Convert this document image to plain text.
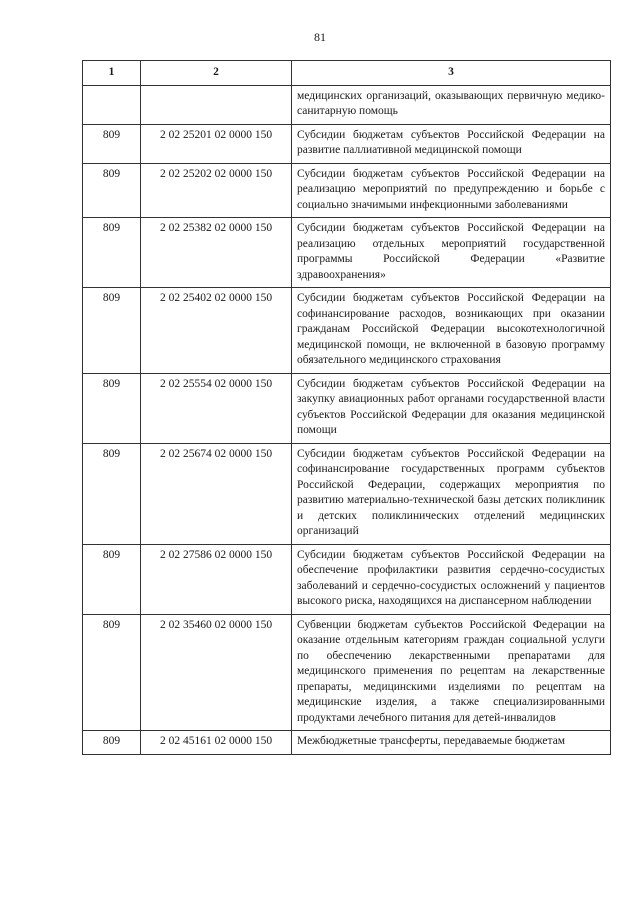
81
1	2	3
		медицинских организаций, оказывающих первичную медико-санитарную помощь
809	2 02 25201 02 0000 150	Субсидии бюджетам субъектов Российской Федерации на развитие паллиативной медицинской помощи
809	2 02 25202 02 0000 150	Субсидии бюджетам субъектов Российской Федерации на реализацию мероприятий по предупреждению и борьбе с социально значимыми инфекционными заболеваниями
809	2 02 25382 02 0000 150	Субсидии бюджетам субъектов Российской Федерации на реализацию отдельных мероприятий государственной программы Российской Федерации «Развитие здравоохранения»
809	2 02 25402 02 0000 150	Субсидии бюджетам субъектов Российской Федерации на софинансирование расходов, возникающих при оказании гражданам Российской Федерации высокотехнологичной медицинской помощи, не включенной в базовую программу обязательного медицинского страхования
809	2 02 25554 02 0000 150	Субсидии бюджетам субъектов Российской Федерации на закупку авиационных работ органами государственной власти субъектов Российской Федерации для оказания медицинской помощи
809	2 02 25674 02 0000 150	Субсидии бюджетам субъектов Российской Федерации на софинансирование государственных программ субъектов Российской Федерации, содержащих мероприятия по развитию материально-технической базы детских поликлиник и детских поликлинических отделений медицинских организаций
809	2 02 27586 02 0000 150	Субсидии бюджетам субъектов Российской Федерации на обеспечение профилактики развития сердечно-сосудистых заболеваний и сердечно-сосудистых осложнений у пациентов высокого риска, находящихся на диспансерном наблюдении
809	2 02 35460 02 0000 150	Субвенции бюджетам субъектов Российской Федерации на оказание отдельным категориям граждан социальной услуги по обеспечению лекарственными препаратами для медицинского применения по рецептам на лекарственные препараты, медицинскими изделиями по рецептам на медицинские изделия, а также специализированными продуктами лечебного питания для детей-инвалидов
809	2 02 45161 02 0000 150	Межбюджетные трансферты, передаваемые бюджетам
